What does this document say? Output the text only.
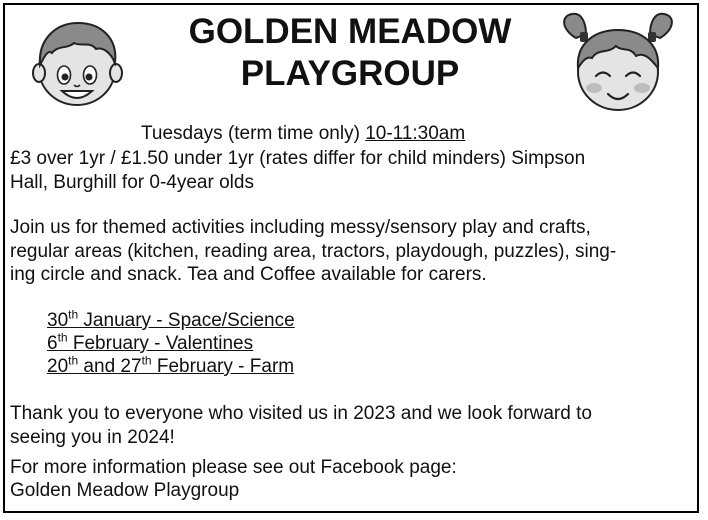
GOLDEN MEADOW
PLAYGROUP
Tuesdays (term time only) 10-11:30am
£3 over 1yr / £1.50 under 1yr (rates differ for child minders) Simpson
Hall, Burghill for 0-4year olds
Join us for themed activities including messy/sensory play and crafts,
regular areas (kitchen, reading area, tractors, playdough, puzzles), sing-
ing circle and snack. Tea and Coffee available for carers.
30th January - Space/Science
6th February - Valentines
20th and 27th February - Farm
Thank you to everyone who visited us in 2023 and we look forward to
seeing you in 2024!
For more information please see out Facebook page:
Golden Meadow Playgroup
